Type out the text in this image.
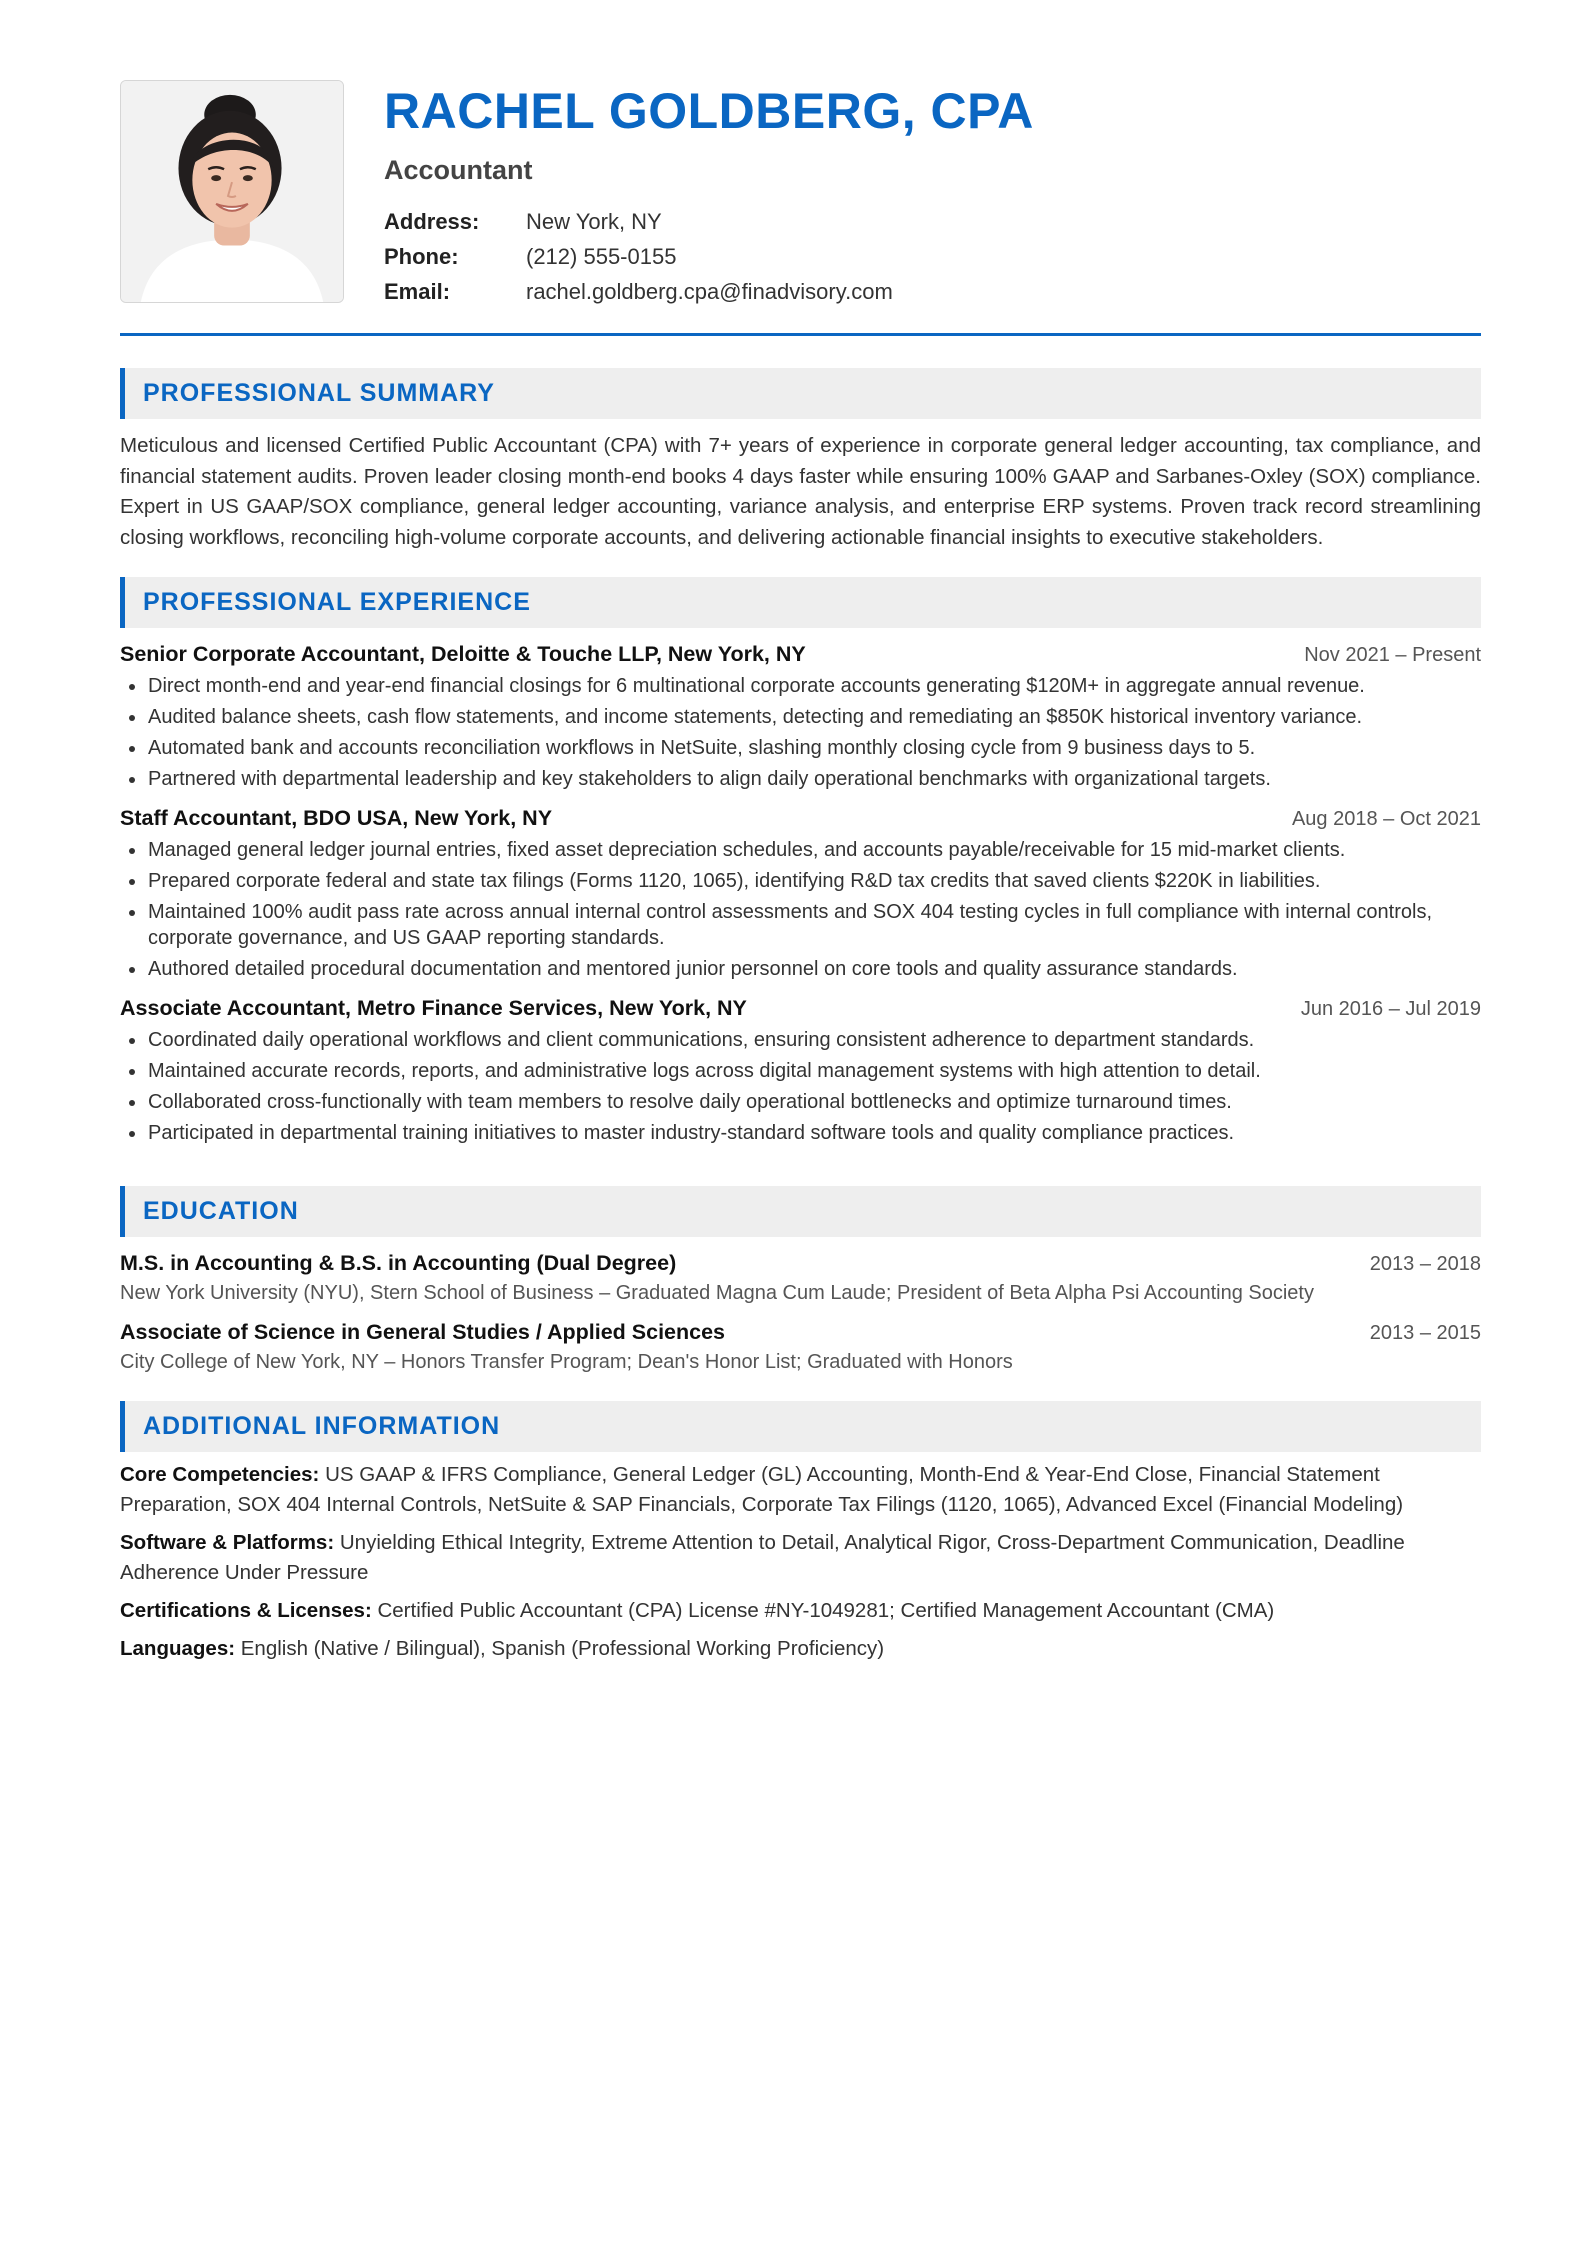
RACHEL GOLDBERG, CPA
Accountant
Address:	New York, NY
Phone:	(212) 555-0155
Email:	rachel.goldberg.cpa@finadvisory.com
PROFESSIONAL SUMMARY

Meticulous and licensed Certified Public Accountant (CPA) with 7+ years of experience in corporate general ledger accounting, tax compliance, and financial statement audits. Proven leader closing month-end books 4 days faster while ensuring 100% GAAP and Sarbanes-Oxley (SOX) compliance. Expert in US GAAP/SOX compliance, general ledger accounting, variance analysis, and enterprise ERP systems. Proven track record streamlining closing workflows, reconciling high-volume corporate accounts, and delivering actionable financial insights to executive stakeholders.

PROFESSIONAL EXPERIENCE
Senior Corporate Accountant, Deloitte & Touche LLP, New York, NY	Nov 2021 – Present
Direct month-end and year-end financial closings for 6 multinational corporate accounts generating $120M+ in aggregate annual revenue.
Audited balance sheets, cash flow statements, and income statements, detecting and remediating an $850K historical inventory variance.
Automated bank and accounts reconciliation workflows in NetSuite, slashing monthly closing cycle from 9 business days to 5.
Partnered with departmental leadership and key stakeholders to align daily operational benchmarks with organizational targets.
Staff Accountant, BDO USA, New York, NY	Aug 2018 – Oct 2021
Managed general ledger journal entries, fixed asset depreciation schedules, and accounts payable/receivable for 15 mid-market clients.
Prepared corporate federal and state tax filings (Forms 1120, 1065), identifying R&D tax credits that saved clients $220K in liabilities.
Maintained 100% audit pass rate across annual internal control assessments and SOX 404 testing cycles in full compliance with internal controls, corporate governance, and US GAAP reporting standards.
Authored detailed procedural documentation and mentored junior personnel on core tools and quality assurance standards.
Associate Accountant, Metro Finance Services, New York, NY	Jun 2016 – Jul 2019
Coordinated daily operational workflows and client communications, ensuring consistent adherence to department standards.
Maintained accurate records, reports, and administrative logs across digital management systems with high attention to detail.
Collaborated cross-functionally with team members to resolve daily operational bottlenecks and optimize turnaround times.
Participated in departmental training initiatives to master industry-standard software tools and quality compliance practices.
EDUCATION
M.S. in Accounting & B.S. in Accounting (Dual Degree)	2013 – 2018
New York University (NYU), Stern School of Business – Graduated Magna Cum Laude; President of Beta Alpha Psi Accounting Society
Associate of Science in General Studies / Applied Sciences	2013 – 2015
City College of New York, NY – Honors Transfer Program; Dean's Honor List; Graduated with Honors
ADDITIONAL INFORMATION

Core Competencies: US GAAP & IFRS Compliance, General Ledger (GL) Accounting, Month-End & Year-End Close, Financial Statement Preparation, SOX 404 Internal Controls, NetSuite & SAP Financials, Corporate Tax Filings (1120, 1065), Advanced Excel (Financial Modeling)

Software & Platforms: Unyielding Ethical Integrity, Extreme Attention to Detail, Analytical Rigor, Cross-Department Communication, Deadline Adherence Under Pressure

Certifications & Licenses: Certified Public Accountant (CPA) License #NY-1049281; Certified Management Accountant (CMA)

Languages: English (Native / Bilingual), Spanish (Professional Working Proficiency)
